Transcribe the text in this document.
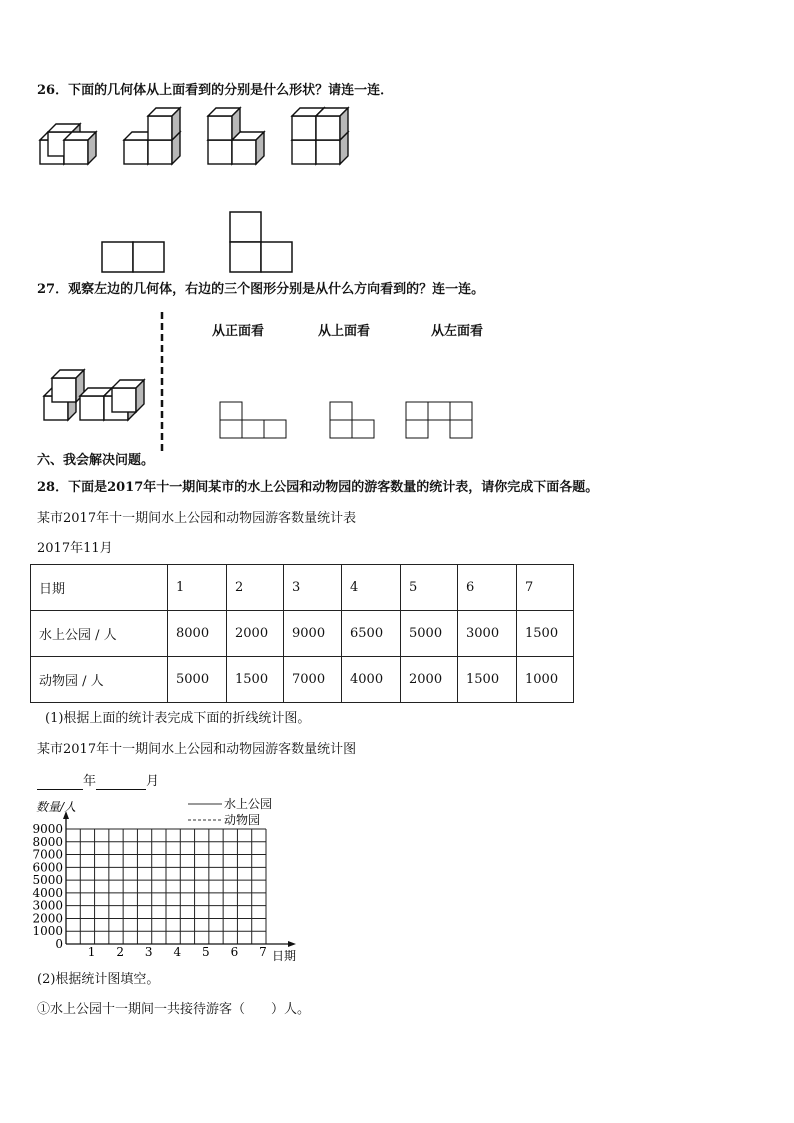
26．下面的几何体从上面看到的分别是什么形状？请连一连．
27．观察左边的几何体，右边的三个图形分别是从什么方向看到的？连一连。
从正面看	从上面看	从左面看
六、我会解决问题。
28．下面是2017年十一期间某市的水上公园和动物园的游客数量的统计表，请你完成下面各题。
某市2017年十一期间水上公园和动物园游客数量统计表
2017年11月
日期	1	2	3	4	5	6	7
水上公园 / 人	8000	2000	9000	6500	5000	3000	1500
动物园 / 人	5000	1500	7000	4000	2000	1500	1000
(1)根据上面的统计表完成下面的折线统计图。
某市2017年十一期间水上公园和动物园游客数量统计图
年	月
(2)根据统计图填空。
①水上公园十一期间一共接待游客（　　）人。
0
1000
2000
3000
4000
5000
6000
7000
8000
9000
1 2 3 4 5 6 7
数量/人
日期
水上公园
动物园
